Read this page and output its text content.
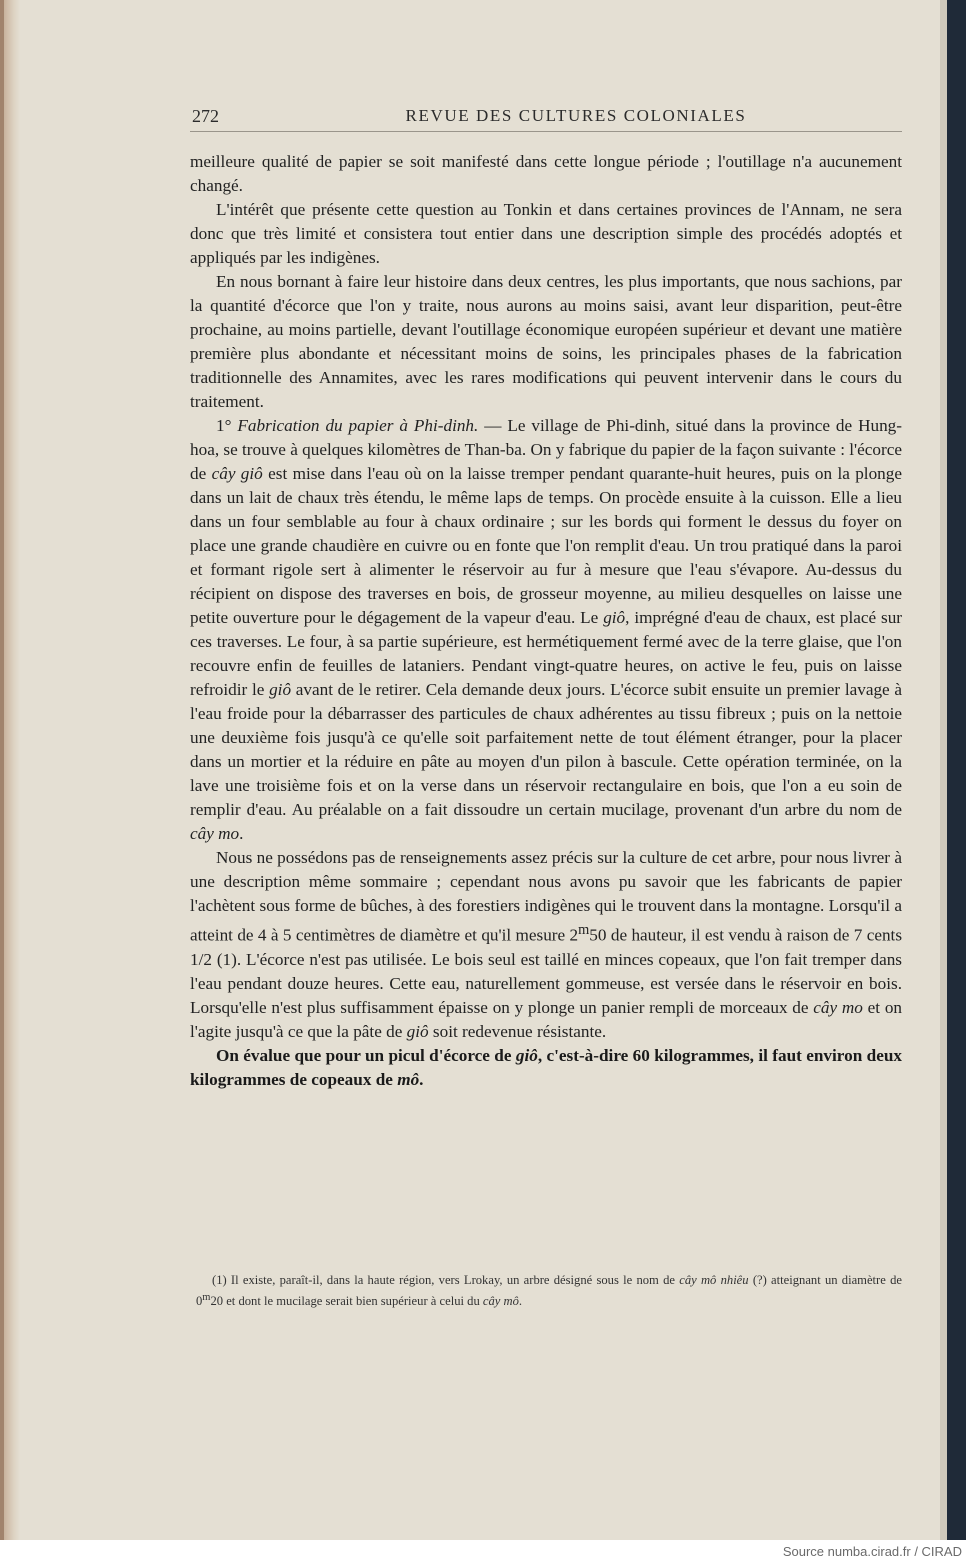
272	REVUE DES CULTURES COLONIALES

meilleure qualité de papier se soit manifesté dans cette longue période ; l'outillage n'a aucunement changé.

L'intérêt que présente cette question au Tonkin et dans certaines provinces de l'Annam, ne sera donc que très limité et consistera tout entier dans une description simple des procédés adoptés et appliqués par les indigènes.

En nous bornant à faire leur histoire dans deux centres, les plus importants, que nous sachions, par la quantité d'écorce que l'on y traite, nous aurons au moins saisi, avant leur disparition, peut-être prochaine, au moins partielle, devant l'outillage économique européen supérieur et devant une matière première plus abondante et nécessitant moins de soins, les principales phases de la fabrication traditionnelle des Annamites, avec les rares modifications qui peuvent intervenir dans le cours du traitement.

1° Fabrication du papier à Phi-dinh. — Le village de Phi-dinh, situé dans la province de Hung-hoa, se trouve à quelques kilomètres de Than-ba. On y fabrique du papier de la façon suivante : l'écorce de cây giô est mise dans l'eau où on la laisse tremper pendant quarante-huit heures, puis on la plonge dans un lait de chaux très étendu, le même laps de temps. On procède ensuite à la cuisson. Elle a lieu dans un four semblable au four à chaux ordinaire ; sur les bords qui forment le dessus du foyer on place une grande chaudière en cuivre ou en fonte que l'on remplit d'eau. Un trou pratiqué dans la paroi et formant rigole sert à alimenter le réservoir au fur à mesure que l'eau s'évapore. Au-dessus du récipient on dispose des traverses en bois, de grosseur moyenne, au milieu desquelles on laisse une petite ouverture pour le dégagement de la vapeur d'eau. Le giô, imprégné d'eau de chaux, est placé sur ces traverses. Le four, à sa partie supérieure, est hermétiquement fermé avec de la terre glaise, que l'on recouvre enfin de feuilles de lataniers. Pendant vingt-quatre heures, on active le feu, puis on laisse refroidir le giô avant de le retirer. Cela demande deux jours. L'écorce subit ensuite un premier lavage à l'eau froide pour la débarrasser des particules de chaux adhérentes au tissu fibreux ; puis on la nettoie une deuxième fois jusqu'à ce qu'elle soit parfaitement nette de tout élément étranger, pour la placer dans un mortier et la réduire en pâte au moyen d'un pilon à bascule. Cette opération terminée, on la lave une troisième fois et on la verse dans un réservoir rectangulaire en bois, que l'on a eu soin de remplir d'eau. Au préalable on a fait dissoudre un certain mucilage, provenant d'un arbre du nom de cây mo.

Nous ne possédons pas de renseignements assez précis sur la culture de cet arbre, pour nous livrer à une description même sommaire ; cependant nous avons pu savoir que les fabricants de papier l'achètent sous forme de bûches, à des forestiers indigènes qui le trouvent dans la montagne. Lorsqu'il a atteint de 4 à 5 centimètres de diamètre et qu'il mesure 2$^m$50 de hauteur, il est vendu à raison de 7 cents 1/2 (1). L'écorce n'est pas utilisée. Le bois seul est taillé en minces copeaux, que l'on fait tremper dans l'eau pendant douze heures. Cette eau, naturellement gommeuse, est versée dans le réservoir en bois. Lorsqu'elle n'est plus suffisamment épaisse on y plonge un panier rempli de morceaux de cây mo et on l'agite jusqu'à ce que la pâte de giô soit redevenue résistante.

On évalue que pour un picul d'écorce de giô, c'est-à-dire 60 kilogrammes, il faut environ deux kilogrammes de copeaux de mô.

(1) Il existe, paraît-il, dans la haute région, vers Lrokay, un arbre désigné sous le nom de cây mô nhiêu (?) atteignant un diamètre de 0$^m$20 et dont le mucilage serait bien supérieur à celui du cây mô.
Source numba.cirad.fr / CIRAD
